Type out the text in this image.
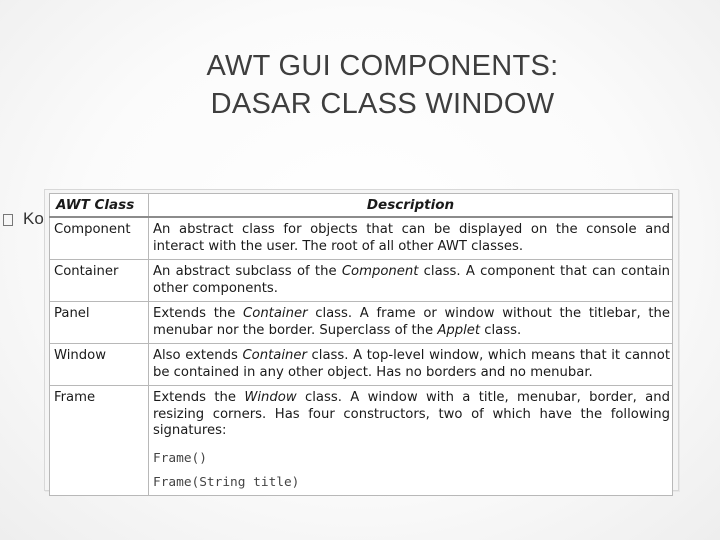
AWT GUI COMPONENTS:
DASAR CLASS WINDOW
Ko
AWT Class	Description
Component	An abstract class for objects that can be displayed on the console and interact with the user. The root of all other AWT classes.

Container	An abstract subclass of the Component class. A component that can contain other components.

Panel	Extends the Container class. A frame or window without the titlebar, the menubar nor the border. Superclass of the Applet class.

Window	Also extends Container class. A top-level window, which means that it cannot be contained in any other object. Has no borders and no menubar.

Frame	Extends the Window class. A window with a title, menubar, border, and resizing corners. Has four constructors, two of which have the following signatures:
Frame()
Frame(String title)
